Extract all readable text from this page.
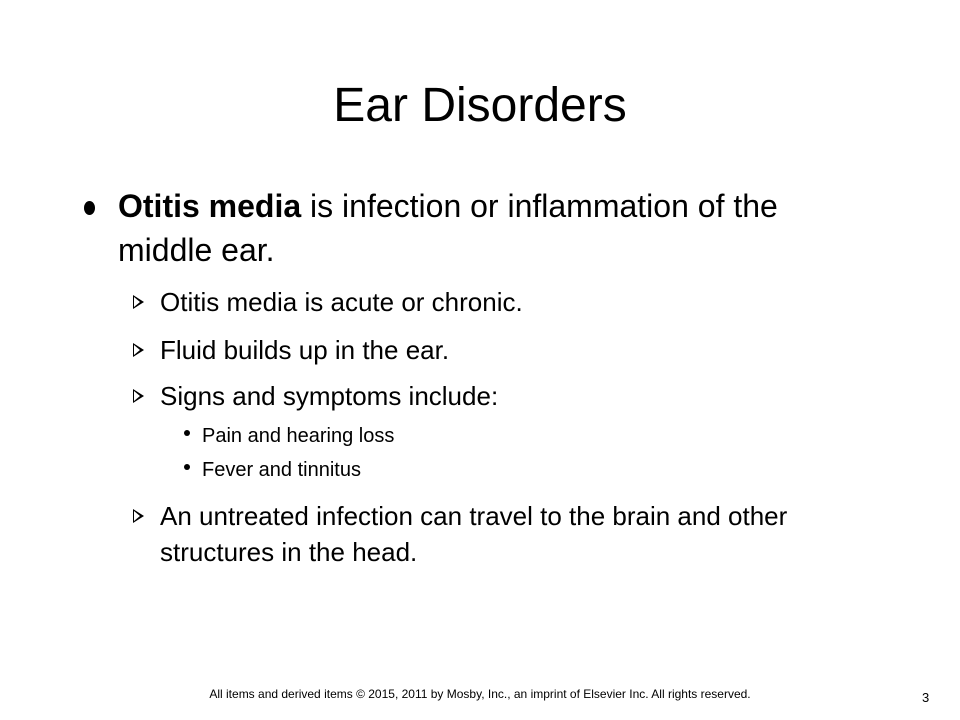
Ear Disorders
Otitis media is infection or inflammation of the middle ear.
Otitis media is acute or chronic.
Fluid builds up in the ear.
Signs and symptoms include:
Pain and hearing loss
Fever and tinnitus
An untreated infection can travel to the brain and other structures in the head.
All items and derived items © 2015, 2011 by Mosby, Inc., an imprint of Elsevier Inc. All rights reserved.	3
